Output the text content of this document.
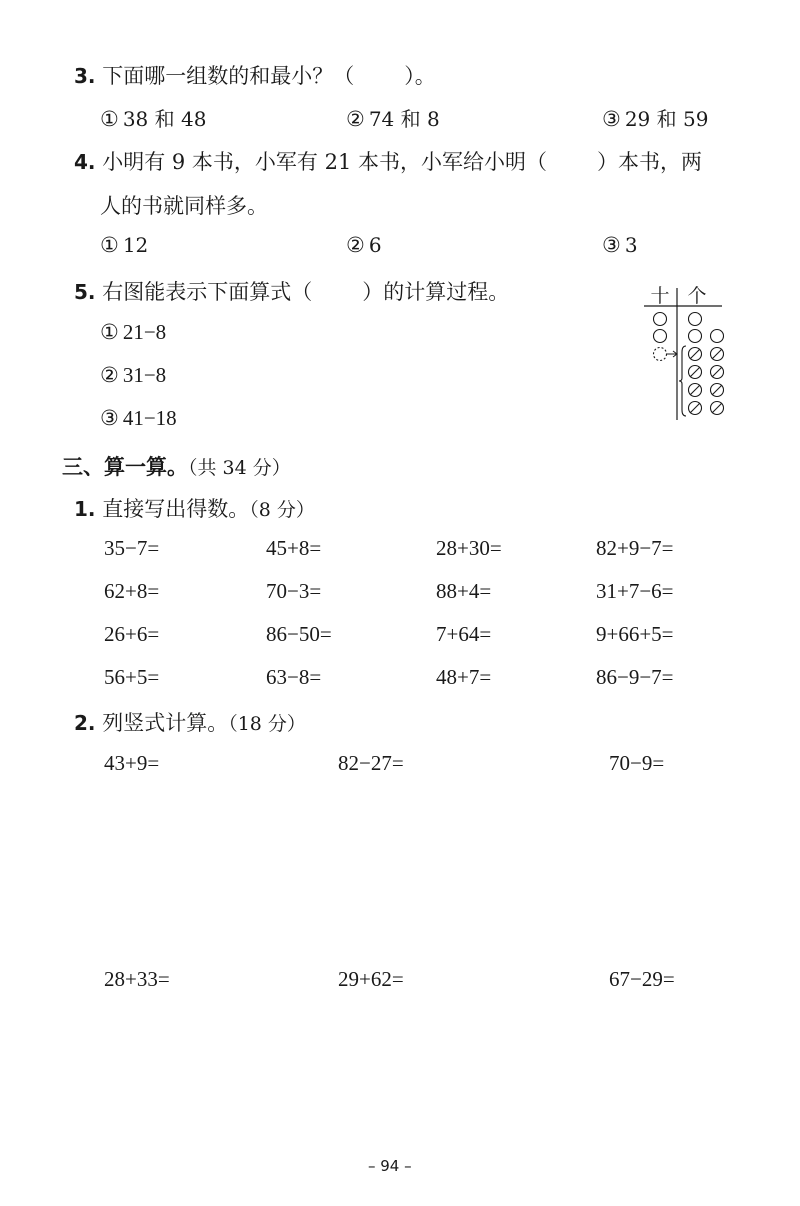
3. 下面哪一组数的和最小？（ ）。
① 38 和 48	② 74 和 8	③ 29 和 59
4. 小明有 9 本书，小军有 21 本书，小军给小明（ ）本书，两
人的书就同样多。
① 12	② 6	③ 3
5. 右图能表示下面算式（ ）的计算过程。
① 21−8
② 31−8
③ 41−18
十 个
三、算一算。（共 34 分）
1. 直接写出得数。（8 分）
35−7=	45+8=	28+30=	82+9−7=
62+8=	70−3=	88+4=	31+7−6=
26+6=	86−50=	7+64=	9+66+5=
56+5=	63−8=	48+7=	86−9−7=
2. 列竖式计算。（18 分）
43+9=	82−27=	70−9=
28+33=	29+62=	67−29=
– 94 –
